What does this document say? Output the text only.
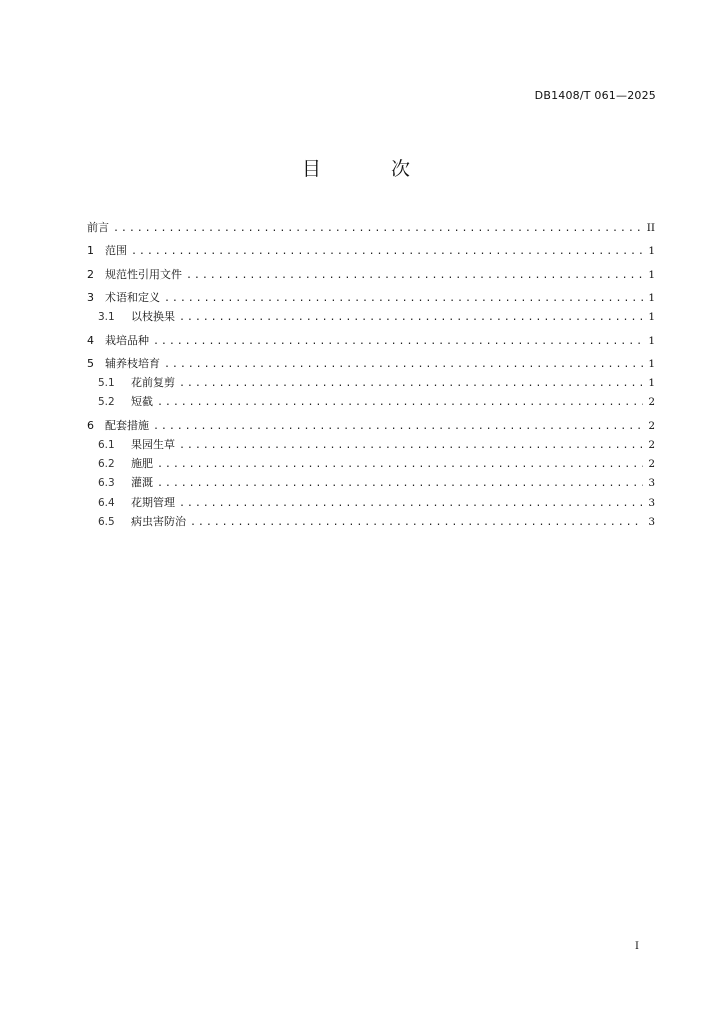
DB1408/T 061—2025
目 次
前言 .....	II
1	范围 .....	1
2	规范性引用文件 .....	1
3	术语和定义 .....	1
3.1	以枝换果 .....	1
4	栽培品种 .....	1
5	辅养枝培育 .....	1
5.1	花前复剪 .....	1
5.2	短截 .....	2
6	配套措施 .....	2
6.1	果园生草 .....	2
6.2	施肥 .....	2
6.3	灌溉 .....	3
6.4	花期管理 .....	3
6.5	病虫害防治 .....	3
I
